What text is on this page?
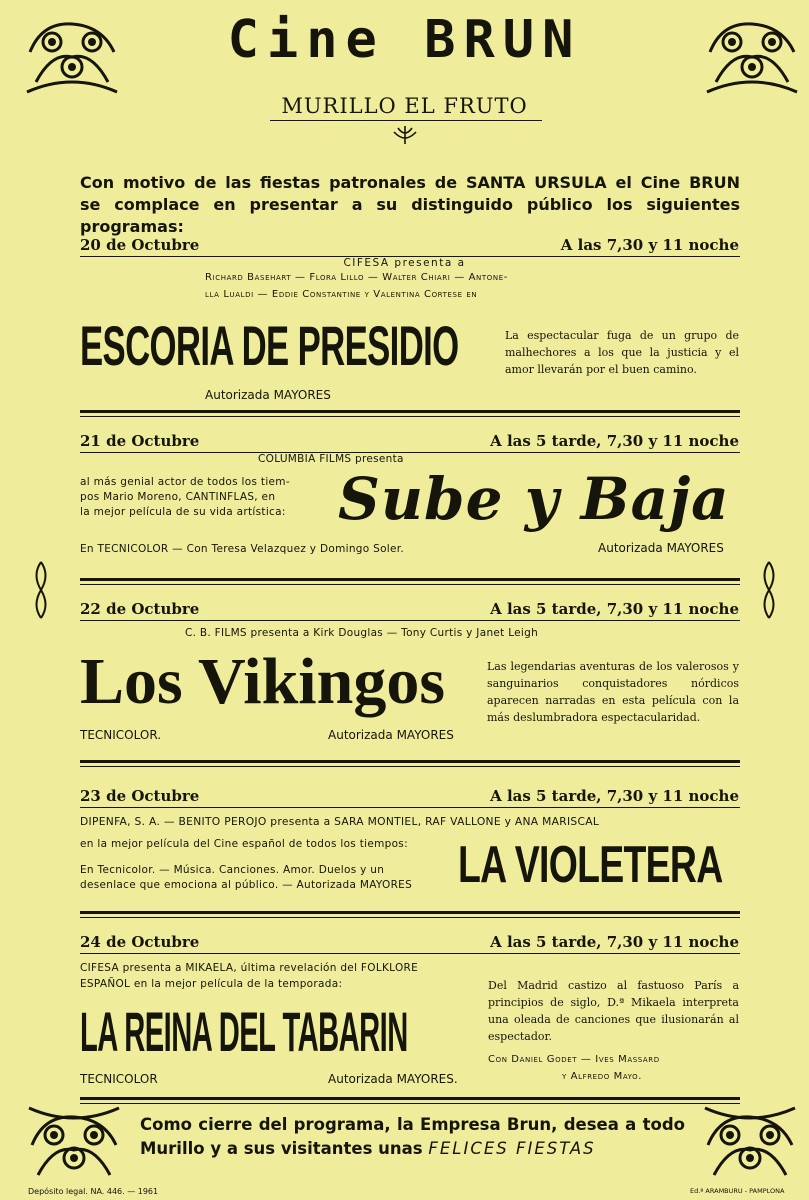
Cine BRUN
MURILLO EL FRUTO
Con motivo de las fiestas patronales de SANTA URSULA el Cine BRUN se complace en presentar a su distinguido público los siguientes programas:
20 de Octubre	A las 7,30 y 11 noche
CIFESA presenta a
Richard Basehart — Flora Lillo — Walter Chiari — Antone-
lla Lualdi — Eddie Constantine y Valentina Cortese en
ESCORIA DE PRESIDIO	La espectacular fuga de un grupo de malhechores a los que la justicia y el amor llevarán por el buen camino.
Autorizada MAYORES
21 de Octubre	A las 5 tarde, 7,30 y 11 noche
COLUMBIA FILMS presenta
al más genial actor de todos los tiem-
pos Mario Moreno, CANTINFLAS, en
la mejor película de su vida artística: Sube y Baja
En TECNICOLOR — Con Teresa Velazquez y Domingo Soler.	Autorizada MAYORES
22 de Octubre	A las 5 tarde, 7,30 y 11 noche
C. B. FILMS presenta a Kirk Douglas — Tony Curtis y Janet Leigh
Los Vikingos	Las legendarias aventuras de los valerosos y sanguinarios conquistadores nórdicos aparecen narradas en esta película con la más deslumbradora espectacularidad.
TECNICOLOR.	Autorizada MAYORES
23 de Octubre	A las 5 tarde, 7,30 y 11 noche
DIPENFA, S. A. — BENITO PEROJO presenta a SARA MONTIEL, RAF VALLONE y ANA MARISCAL
en la mejor película del Cine español de todos los tiempos:
En Tecnicolor. — Música. Canciones. Amor. Duelos y un
desenlace que emociona al público. — Autorizada MAYORES LA VIOLETERA
24 de Octubre	A las 5 tarde, 7,30 y 11 noche
CIFESA presenta a MIKAELA, última revelación del FOLKLORE
ESPAÑOL en la mejor película de la temporada:
LA REINA DEL TABARIN
Del Madrid castizo al fastuoso París a principios de siglo, D.ª Mikaela interpreta una oleada de canciones que ilusionarán al espectador.
Con Daniel Godet — Ives Massard
y Alfredo Mayo.
TECNICOLOR	Autorizada MAYORES.
Como cierre del programa, la Empresa Brun, desea a todo Murillo y a sus visitantes unas FELICES FIESTAS
Depósito legal. NA. 446. — 1961	Ed.ª ARAMBURU - PAMPLONA
